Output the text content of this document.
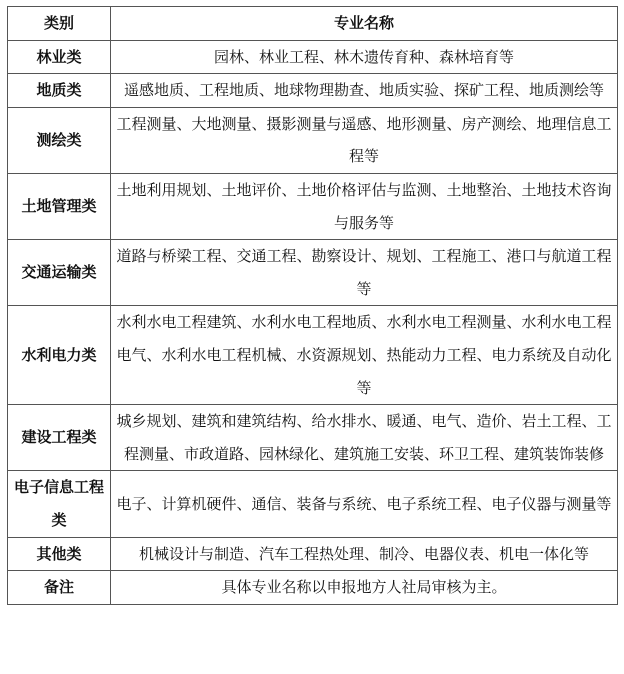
类别	专业名称
林业类	园林、林业工程、林木遗传育种、森林培育等
地质类	遥感地质、工程地质、地球物理勘查、地质实验、探矿工程、地质测绘等
测绘类	工程测量、大地测量、摄影测量与遥感、地形测量、房产测绘、地理信息工程等
土地管理类	土地利用规划、土地评价、土地价格评估与监测、土地整治、土地技术咨询与服务等
交通运输类	道路与桥梁工程、交通工程、勘察设计、规划、工程施工、港口与航道工程等
水利电力类	水利水电工程建筑、水利水电工程地质、水利水电工程测量、水利水电工程电气、水利水电工程机械、水资源规划、热能动力工程、电力系统及自动化等
建设工程类	城乡规划、建筑和建筑结构、给水排水、暖通、电气、造价、岩土工程、工程测量、市政道路、园林绿化、建筑施工安装、环卫工程、建筑装饰装修
电子信息工程类	电子、计算机硬件、通信、装备与系统、电子系统工程、电子仪器与测量等
其他类	机械设计与制造、汽车工程热处理、制冷、电器仪表、机电一体化等
备注	具体专业名称以申报地方人社局审核为主。
